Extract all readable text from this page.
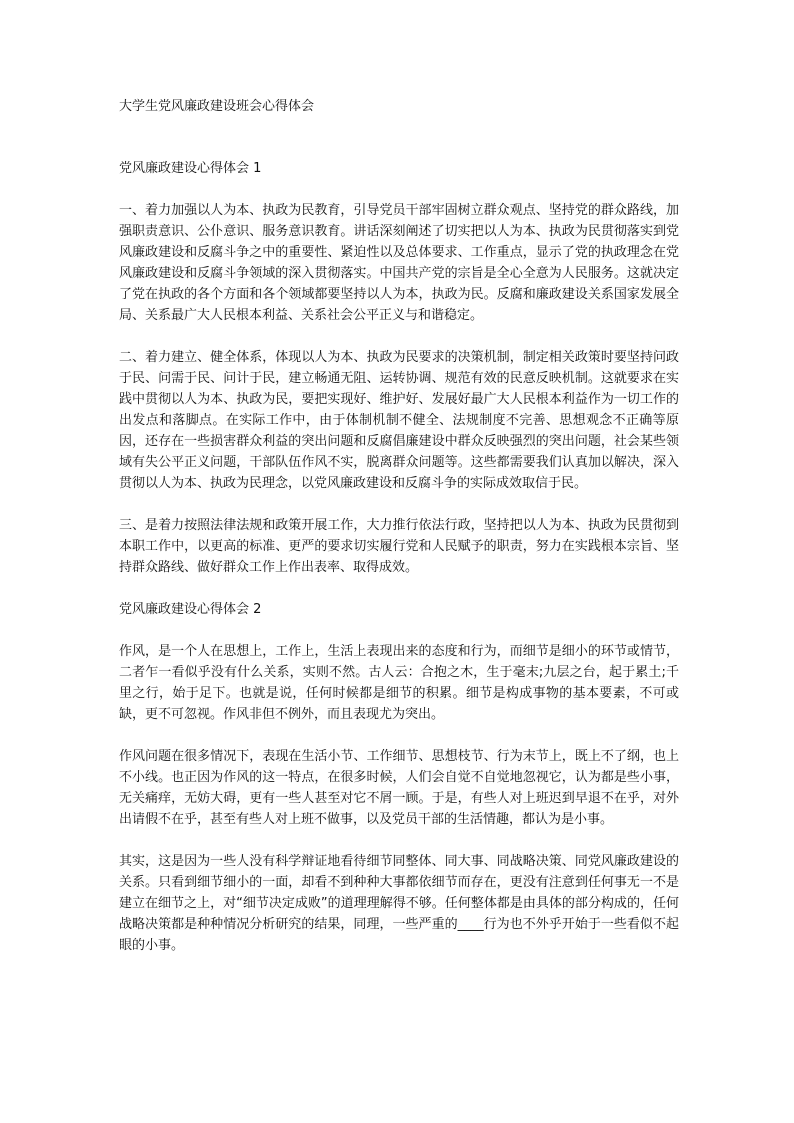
大学生党风廉政建设班会心得体会
党风廉政建设心得体会 1

一、着力加强以人为本、执政为民教育，引导党员干部牢固树立群众观点、坚持党的群众路线，加强职责意识、公仆意识、服务意识教育。讲话深刻阐述了切实把以人为本、执政为民贯彻落实到党风廉政建设和反腐斗争之中的重要性、紧迫性以及总体要求、工作重点，显示了党的执政理念在党风廉政建设和反腐斗争领域的深入贯彻落实。中国共产党的宗旨是全心全意为人民服务。这就决定了党在执政的各个方面和各个领域都要坚持以人为本，执政为民。反腐和廉政建设关系国家发展全局、关系最广大人民根本利益、关系社会公平正义与和谐稳定。

二、着力建立、健全体系，体现以人为本、执政为民要求的决策机制，制定相关政策时要坚持问政于民、问需于民、问计于民，建立畅通无阻、运转协调、规范有效的民意反映机制。这就要求在实践中贯彻以人为本、执政为民，要把实现好、维护好、发展好最广大人民根本利益作为一切工作的出发点和落脚点。在实际工作中，由于体制机制不健全、法规制度不完善、思想观念不正确等原因，还存在一些损害群众利益的突出问题和反腐倡廉建设中群众反映强烈的突出问题，社会某些领域有失公平正义问题，干部队伍作风不实，脱离群众问题等。这些都需要我们认真加以解决，深入贯彻以人为本、执政为民理念，以党风廉政建设和反腐斗争的实际成效取信于民。

三、是着力按照法律法规和政策开展工作，大力推行依法行政，坚持把以人为本、执政为民贯彻到本职工作中，以更高的标准、更严的要求切实履行党和人民赋予的职责，努力在实践根本宗旨、坚持群众路线、做好群众工作上作出表率、取得成效。

党风廉政建设心得体会 2

作风，是一个人在思想上，工作上，生活上表现出来的态度和行为，而细节是细小的环节或情节，二者乍一看似乎没有什么关系，实则不然。古人云：合抱之木，生于毫末;九层之台，起于累土;千里之行，始于足下。也就是说，任何时候都是细节的积累。细节是构成事物的基本要素，不可或缺，更不可忽视。作风非但不例外，而且表现尤为突出。

作风问题在很多情况下，表现在生活小节、工作细节、思想枝节、行为末节上，既上不了纲，也上不小线。也正因为作风的这一特点，在很多时候，人们会自觉不自觉地忽视它，认为都是些小事，无关痛痒，无妨大碍，更有一些人甚至对它不屑一顾。于是，有些人对上班迟到早退不在乎，对外出请假不在乎，甚至有些人对上班不做事，以及党员干部的生活情趣，都认为是小事。

其实，这是因为一些人没有科学辩证地看待细节同整体、同大事、同战略决策、同党风廉政建设的关系。只看到细节细小的一面，却看不到种种大事都依细节而存在，更没有注意到任何事无一不是建立在细节之上，对“细节决定成败”的道理理解得不够。任何整体都是由具体的部分构成的，任何战略决策都是种种情况分析研究的结果，同理，一些严重的____行为也不外乎开始于一些看似不起眼的小事。
